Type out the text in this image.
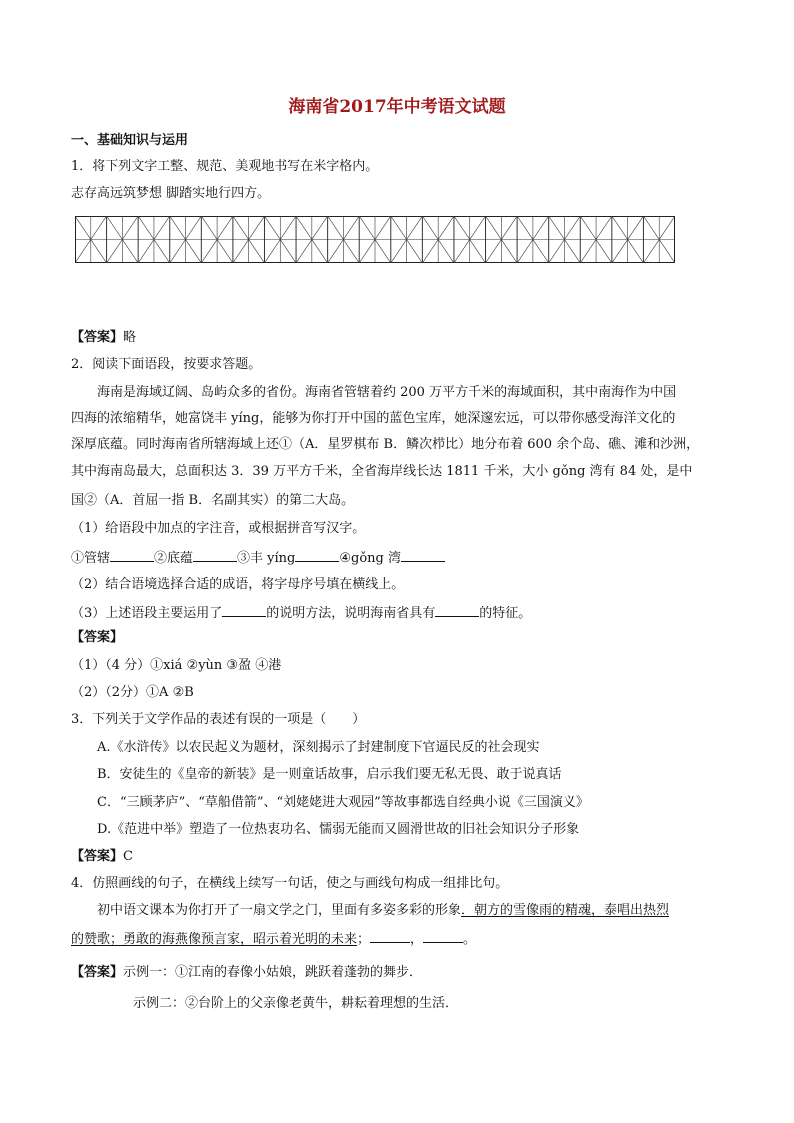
海南省2017年中考语文试题
一、基础知识与运用
1．将下列文字工整、规范、美观地书写在米字格内。
志存高远筑梦想 脚踏实地行四方。
【答案】略
2．阅读下面语段，按要求答题。
海南是海域辽阔、岛屿众多的省份。海南省管辖着约 200 万平方千米的海域面积，其中南海作为中国
四海的浓缩精华，她富饶丰 yíng，能够为你打开中国的蓝色宝库，她深邃宏远，可以带你感受海洋文化的
深厚底蕴。同时海南省所辖海域上还①（A．星罗棋布 B．鳞次栉比）地分布着 600 余个岛、礁、滩和沙洲，
其中海南岛最大，总面积达 3．39 万平方千米，全省海岸线长达 1811 千米，大小 gǒng 湾有 84 处，是中
国②（A．首屈一指 B．名副其实）的第二大岛。
（1）给语段中加点的字注音，或根据拼音写汉字。
①管辖	②底蕴	③丰 yíng	④gǒng 湾
（2）结合语境选择合适的成语，将字母序号填在横线上。
（3）上述语段主要运用了	的说明方法，说明海南省具有	的特征。
【答案】
（1）（4 分）①xiá ②yùn ③盈 ④港
（2）（2分）①A ②B
3．下列关于文学作品的表述有误的一项是（　　）
A.《水浒传》以农民起义为题材，深刻揭示了封建制度下官逼民反的社会现实
B．安徒生的《皇帝的新装》是一则童话故事，启示我们要无私无畏、敢于说真话
C．“三顾茅庐”、“草船借箭”、“刘姥姥进大观园”等故事都选自经典小说《三国演义》
D.《范进中举》塑造了一位热衷功名、懦弱无能而又圆滑世故的旧社会知识分子形象
【答案】C
4．仿照画线的句子，在横线上续写一句话，使之与画线句构成一组排比句。
初中语文课本为你打开了一扇文学之门，里面有多姿多彩的形象．朝方的雪像雨的精魂，泰唱出热烈
的赞歌；勇敢的海燕像预言家，昭示着光明的未来；	，	。
【答案】示例一：①江南的春像小姑娘，跳跃着蓬勃的舞步．
示例二：②台阶上的父亲像老黄牛，耕耘着理想的生活．
